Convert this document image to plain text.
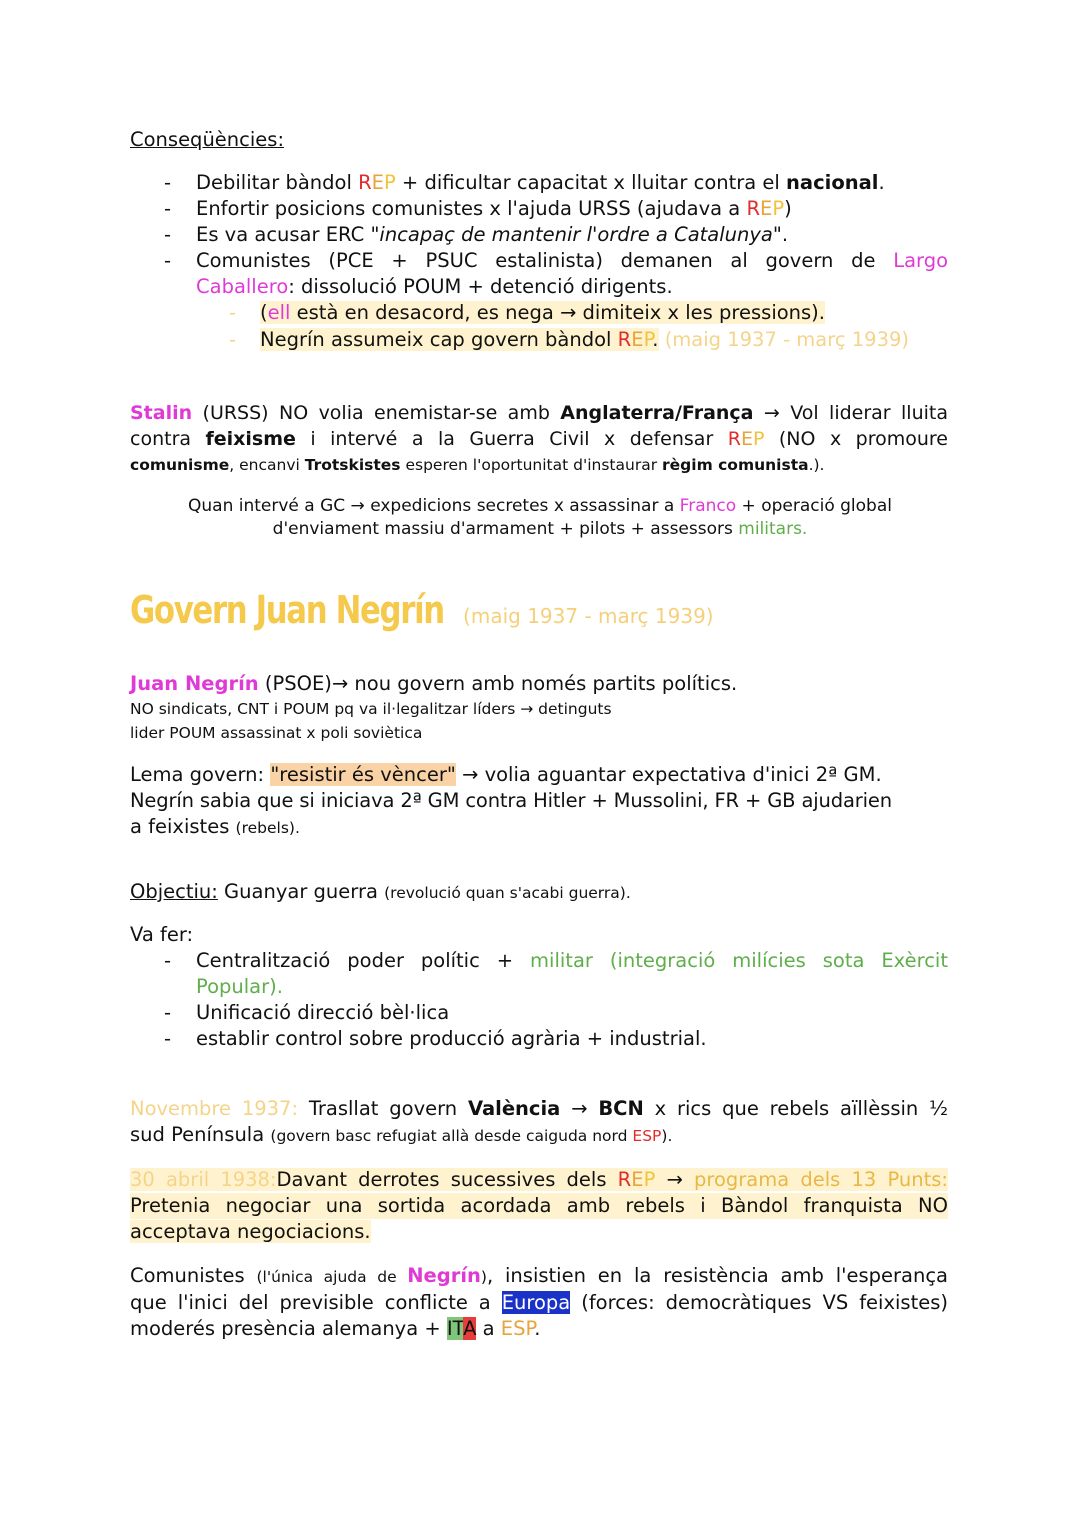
Conseqüències:
- Debilitar bàndol REP + dificultar capacitat x lluitar contra el nacional.
- Enfortir posicions comunistes x l'ajuda URSS (ajudava a REP)
- Es va acusar ERC "incapaç de mantenir l'ordre a Catalunya".
- Comunistes (PCE + PSUC estalinista) demanen al govern de Largo
Caballero: dissolució POUM + detenció dirigents.
- (ell està en desacord, es nega → dimiteix x les pressions).
- Negrín assumeix cap govern bàndol REP. (maig 1937 - març 1939)
Stalin (URSS) NO volia enemistar-se amb Anglaterra/França → Vol liderar lluita
contra feixisme i intervé a la Guerra Civil x defensar REP (NO x promoure
comunisme, encanvi Trotskistes esperen l'oportunitat d'instaurar règim comunista.).
Quan intervé a GC → expedicions secretes x assassinar a Franco + operació global
d'enviament massiu d'armament + pilots + assessors militars.
Govern Juan Negrín (maig 1937 - març 1939)
Juan Negrín (PSOE)→ nou govern amb només partits polítics.
NO sindicats, CNT i POUM pq va il·legalitzar líders → detinguts
lider POUM assassinat x poli soviètica
Lema govern: "resistir és vèncer" → volia aguantar expectativa d'inici 2ª GM.
Negrín sabia que si iniciava 2ª GM contra Hitler + Mussolini, FR + GB ajudarien
a feixistes (rebels).
Objectiu: Guanyar guerra (revolució quan s'acabi guerra).
Va fer:
- Centralització poder polític + militar (integració milícies sota Exèrcit
Popular).
- Unificació direcció bèl·lica
- establir control sobre producció agrària + industrial.
Novembre 1937: Trasllat govern València → BCN x rics que rebels aïllèssin ½
sud Península (govern basc refugiat allà desde caiguda nord ESP).
30 abril 1938:Davant derrotes sucessives dels REP → programa dels 13 Punts:
Pretenia negociar una sortida acordada amb rebels i Bàndol franquista NO
acceptava negociacions.
Comunistes (l'única ajuda de Negrín), insistien en la resistència amb l'esperança
que l'inici del previsible conflicte a Europa (forces: democràtiques VS feixistes)
moderés presència alemanya + ITA a ESP.
